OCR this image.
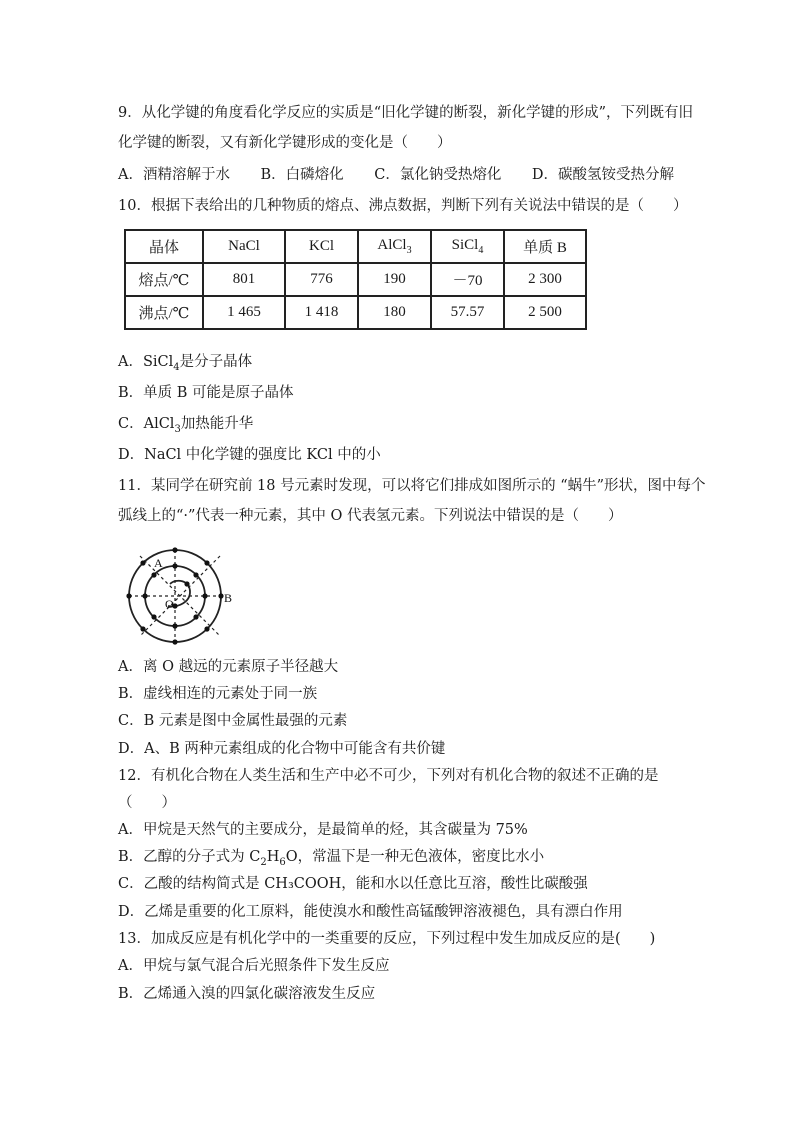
9．从化学键的角度看化学反应的实质是“旧化学键的断裂，新化学键的形成”，下列既有旧
化学键的断裂，又有新化学键形成的变化是（　　）
A．酒精溶解于水 B．白磷熔化 C．氯化钠受热熔化 D．碳酸氢铵受热分解
10．根据下表给出的几种物质的熔点、沸点数据，判断下列有关说法中错误的是（　　）
晶体	NaCl	KCl	AlCl$_3$	SiCl$_4$	单质 B
熔点/℃	801	776	190	－70	2 300
沸点/℃	1 465	1 418	180	57.57	2 500
A．SiCl$_4$是分子晶体
B．单质 B 可能是原子晶体
C．AlCl$_3$加热能升华
D．NaCl 中化学键的强度比 KCl 中的小
11．某同学在研究前 18 号元素时发现，可以将它们排成如图所示的 “蜗牛”形状，图中每个
弧线上的“·”代表一种元素，其中 O 代表氢元素。下列说法中错误的是（　　）
A
B
O
A．离 O 越远的元素原子半径越大
B．虚线相连的元素处于同一族
C．B 元素是图中金属性最强的元素
D．A、B 两种元素组成的化合物中可能含有共价键
12．有机化合物在人类生活和生产中必不可少，下列对有机化合物的叙述不正确的是
（　　）
A．甲烷是天然气的主要成分，是最简单的烃，其含碳量为 75%
B．乙醇的分子式为 $C_2H_6O$，常温下是一种无色液体，密度比水小
C．乙酸的结构简式是 CH₃COOH，能和水以任意比互溶，酸性比碳酸强
D．乙烯是重要的化工原料，能使溴水和酸性高锰酸钾溶液褪色，具有漂白作用
13．加成反应是有机化学中的一类重要的反应，下列过程中发生加成反应的是(　　)
A．甲烷与氯气混合后光照条件下发生反应
B．乙烯通入溴的四氯化碳溶液发生反应
